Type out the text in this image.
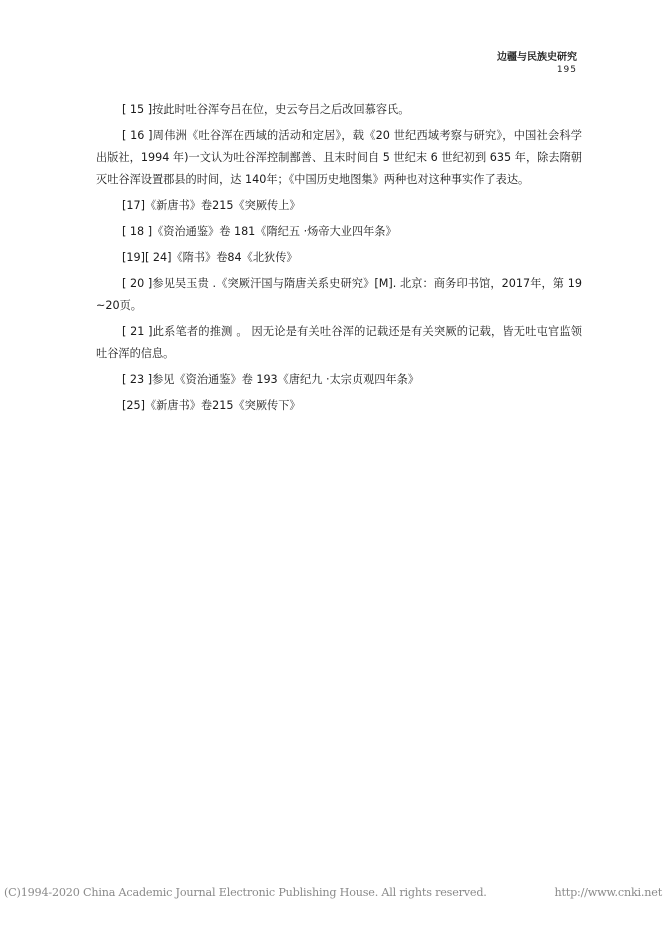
边疆与民族史研究
195

[ 15 ]按此时吐谷浑夸吕在位，史云夸吕之后改回慕容氏。

[ 16 ]周伟洲《吐谷浑在西域的活动和定居》，载《20 世纪西域考察与研究》，中国社会科学出版社，1994 年)一文认为吐谷浑控制鄯善、且末时间自 5 世纪末 6 世纪初到 635 年，除去隋朝灭吐谷浑设置郡县的时间，达 140年；《中国历史地图集》两种也对这种事实作了表达。

[17]《新唐书》卷215《突厥传上》

[ 18 ]《资治通鉴》卷 181《隋纪五 ·炀帝大业四年条》

[19][ 24]《隋书》卷84《北狄传》

[ 20 ]参见吴玉贵 .《突厥汗国与隋唐关系史研究》[M]. 北京：商务印书馆，2017年，第 19~20页。

[ 21 ]此系笔者的推测 。 因无论是有关吐谷浑的记载还是有关突厥的记载，皆无吐屯官监领吐谷浑的信息。

[ 23 ]参见《资治通鉴》卷 193《唐纪九 ·太宗贞观四年条》

[25]《新唐书》卷215《突厥传下》

(C)1994-2020 China Academic Journal Electronic Publishing House. All rights reserved.	http://www.cnki.net
